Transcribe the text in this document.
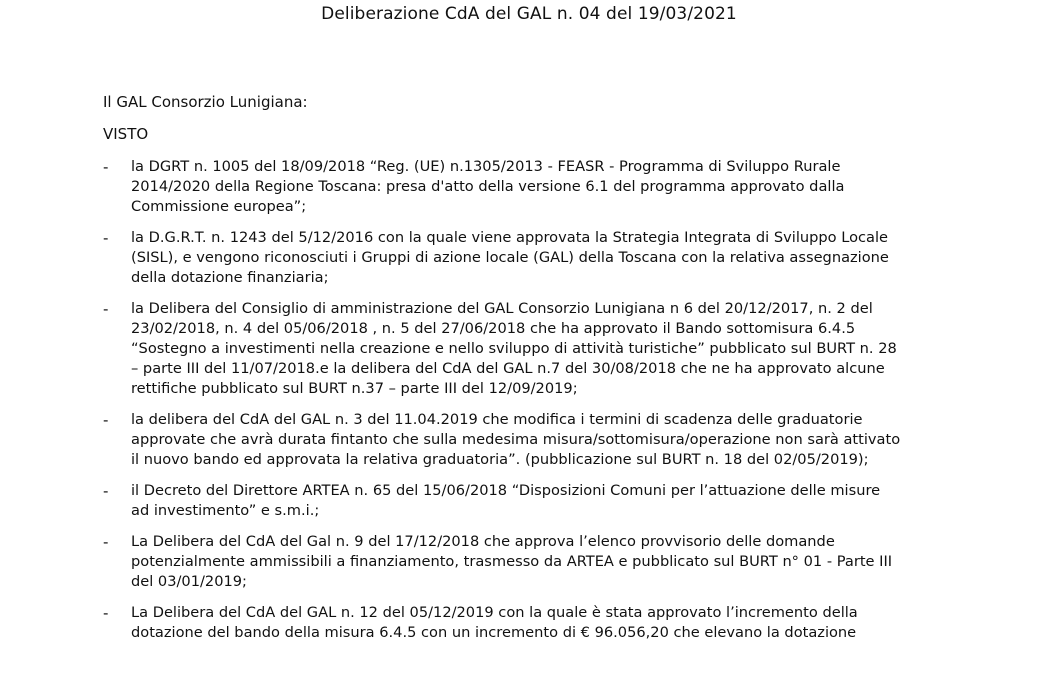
Deliberazione CdA del GAL n. 04 del 19/03/2021
Il GAL Consorzio Lunigiana:
VISTO
- la DGRT n. 1005 del 18/09/2018 “Reg. (UE) n.1305/2013 - FEASR - Programma di Sviluppo Rurale
2014/2020 della Regione Toscana: presa d'atto della versione 6.1 del programma approvato dalla
Commissione europea”;
- la D.G.R.T. n. 1243 del 5/12/2016 con la quale viene approvata la Strategia Integrata di Sviluppo Locale
(SISL), e vengono riconosciuti i Gruppi di azione locale (GAL) della Toscana con la relativa assegnazione
della dotazione finanziaria;
- la Delibera del Consiglio di amministrazione del GAL Consorzio Lunigiana n 6 del 20/12/2017, n. 2 del
23/02/2018, n. 4 del 05/06/2018 , n. 5 del 27/06/2018 che ha approvato il Bando sottomisura 6.4.5
“Sostegno a investimenti nella creazione e nello sviluppo di attività turistiche” pubblicato sul BURT n. 28
– parte III del 11/07/2018.e la delibera del CdA del GAL n.7 del 30/08/2018 che ne ha approvato alcune
rettifiche pubblicato sul BURT n.37 – parte III del 12/09/2019;
- la delibera del CdA del GAL n. 3 del 11.04.2019 che modifica i termini di scadenza delle graduatorie
approvate che avrà durata fintanto che sulla medesima misura/sottomisura/operazione non sarà attivato
il nuovo bando ed approvata la relativa graduatoria”. (pubblicazione sul BURT n. 18 del 02/05/2019);
- il Decreto del Direttore ARTEA n. 65 del 15/06/2018 “Disposizioni Comuni per l’attuazione delle misure
ad investimento” e s.m.i.;
- La Delibera del CdA del Gal n. 9 del 17/12/2018 che approva l’elenco provvisorio delle domande
potenzialmente ammissibili a finanziamento, trasmesso da ARTEA e pubblicato sul BURT n° 01 - Parte III
del 03/01/2019;
- La Delibera del CdA del GAL n. 12 del 05/12/2019 con la quale è stata approvato l’incremento della
dotazione del bando della misura 6.4.5 con un incremento di € 96.056,20 che elevano la dotazione
